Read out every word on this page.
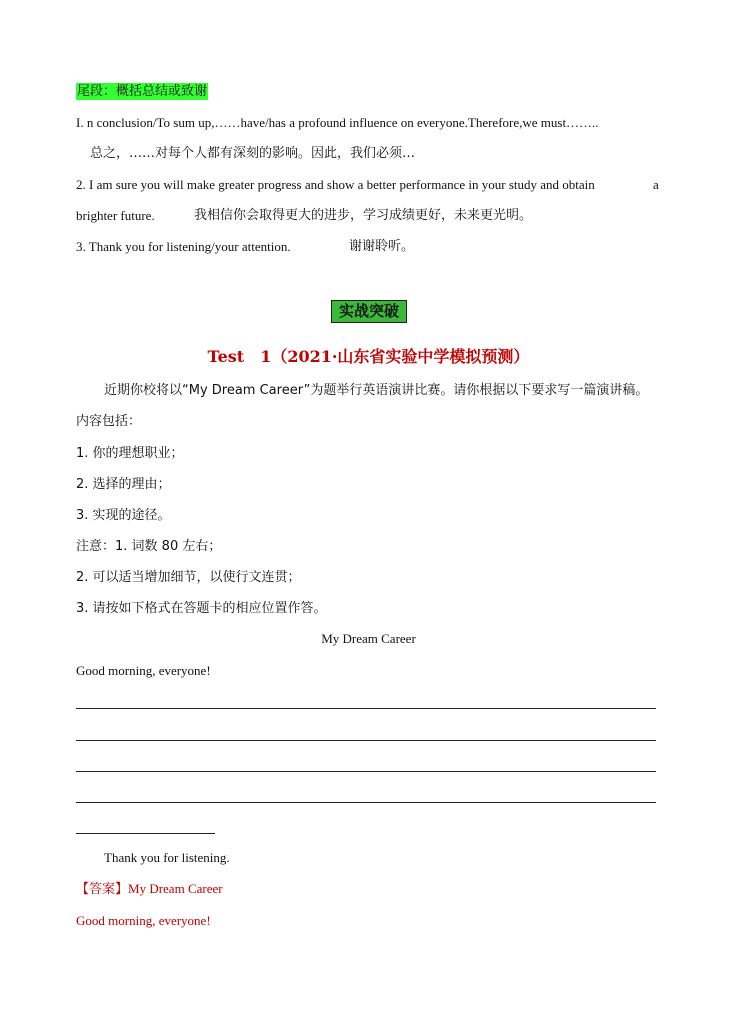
尾段：概括总结或致谢
I. n conclusion/To sum up,……have/has a profound influence on everyone.Therefore,we must……..
总之，……对每个人都有深刻的影响。因此，我们必须…
2. I am sure you will make greater progress and show a better performance in your study and obtain	a
brighter future.	我相信你会取得更大的进步，学习成绩更好，未来更光明。
3. Thank you for listening/your attention.	谢谢聆听。
实战突破
Test　1（2021·山东省实验中学模拟预测）
近期你校将以“My Dream Career”为题举行英语演讲比赛。请你根据以下要求写一篇演讲稿。
内容包括：
1. 你的理想职业；
2. 选择的理由；
3. 实现的途径。
注意：1. 词数 80 左右；
2. 可以适当增加细节，以使行文连贯；
3. 请按如下格式在答题卡的相应位置作答。
My Dream Career
Good morning, everyone!
Thank you for listening.
【答案】My Dream Career
Good morning, everyone!
